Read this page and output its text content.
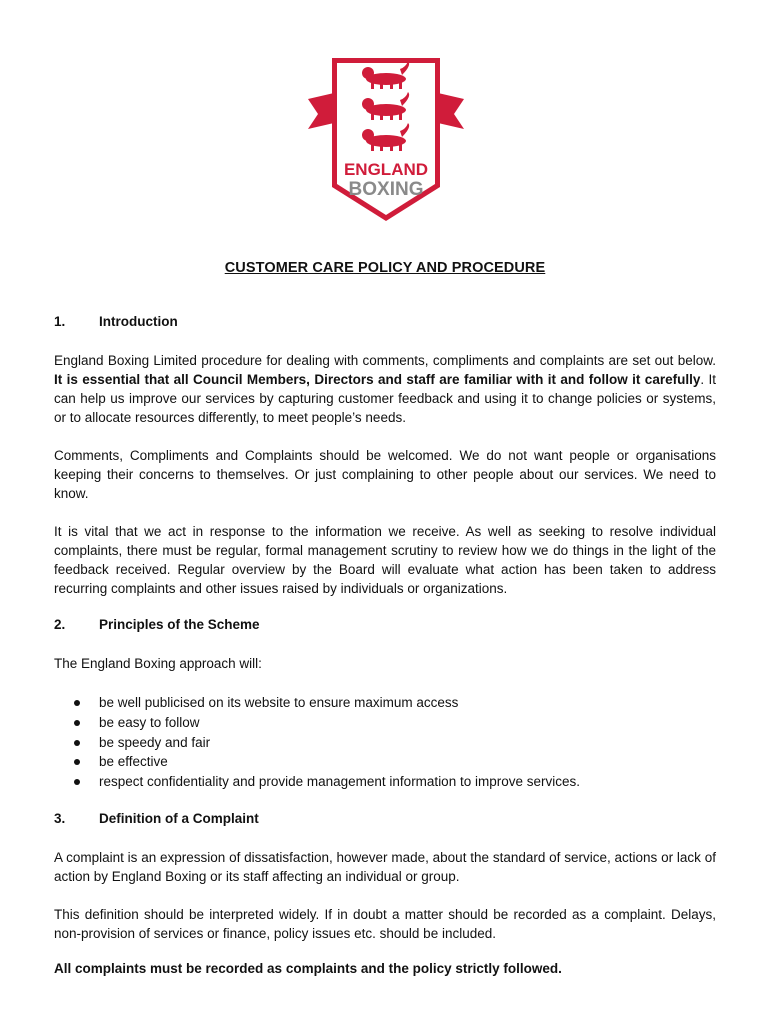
ENGLAND
BOXING
CUSTOMER CARE POLICY AND PROCEDURE
1. Introduction
England Boxing Limited procedure for dealing with comments, compliments and complaints are set out below. It is essential that all Council Members, Directors and staff are familiar with it and follow it carefully. It can help us improve our services by capturing customer feedback and using it to change policies or systems, or to allocate resources differently, to meet people’s needs.
Comments, Compliments and Complaints should be welcomed. We do not want people or organisations keeping their concerns to themselves. Or just complaining to other people about our services. We need to know.
It is vital that we act in response to the information we receive. As well as seeking to resolve individual complaints, there must be regular, formal management scrutiny to review how we do things in the light of the feedback received. Regular overview by the Board will evaluate what action has been taken to address recurring complaints and other issues raised by individuals or organizations.
2. Principles of the Scheme
The England Boxing approach will:
be well publicised on its website to ensure maximum access
be easy to follow
be speedy and fair
be effective
respect confidentiality and provide management information to improve services.
3. Definition of a Complaint
A complaint is an expression of dissatisfaction, however made, about the standard of service, actions or lack of action by England Boxing or its staff affecting an individual or group.
This definition should be interpreted widely. If in doubt a matter should be recorded as a complaint. Delays, non-provision of services or finance, policy issues etc. should be included.
All complaints must be recorded as complaints and the policy strictly followed.
